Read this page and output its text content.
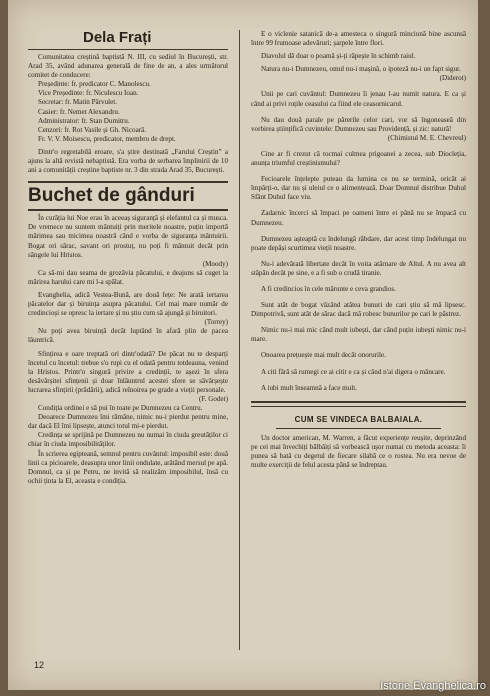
Dela Frați

Comunitatea creștină baptistă N. III, cu sediul în București, str. Arad 35, având adunarea generală de fine de an, a ales următorul comitet de conducere:

Președinte: fr. predicator C. Manolescu.

Vice Președinte: fr. Niculescu Ioan.

Secretar: fr. Matin Pârvulet.

Casier: fr. Nemet Alexandru.

Administrator: fr. Stan Dumitru.

Cenzori: fr. Rot Vasile și Gh. Nicoară.

Fr. V. V. Moisescu, predicator, membru de drept.

Dintr'o regretabilă eroare, s'a știre destinată „Farului Creștin” a ajuns la altă revistă nebaptistă. Era vorba de serbarea împlinirii de 10 ani a comunității creștine baptiste nr. 3 din strada Arad 35, București.

Buchet de gânduri

În curăția lui Noe erau în aceeaș siguranță și elefantul ca și musca. De vremece nu suntem mântuiți prin meritele noastre, puțin importă mărimea sau micimea noastră când e vorba de siguranța mântuirii. Bogat ori sărac, savant ori prostuț, nu poți fi mântuit decât prin sângele lui Hristos.

(Moody)

Ca să-mi dau seama de grozăvia păcatului, e deajuns să cuget la mărirea harului care mi l-a spălat.

Evanghelia, adică Vestea-Bună, are două fețe: Ne arată iertarea păcatelor dar și biruința asupra păcatului. Cel mai mare număr de credincioși se opresc la iertare și nu știu cum să ajungă și biruitori.

(Torrey)

Nu poți avea biruință decât luptând în afară plin de pacea lăuntrică.

Sfințirea e oare treptată ori dintr'odată? De păcat nu te desparți încetul cu încetul: trebue s'o rupi cu el odată pentru totdeauna, venind la Hristos. Printr'o singură privire a credinții, te așezi în sfera desăvârșitei sfințenii și doar înlăuntrul acestei sfere se săvârșește lucrarea sfințirii (prădării), adică reînoirea pe grade a vieții personale.

(F. Godet)

Condiția ordinei e să pui în toate pe Dumnezeu ca Centru.

Deoarece Dumnezeu îmi rămâne, nimic nu-i pierdut pentru mine, dar dacă El îmi lipsește, atunci totul mi-e pierdut.

Credința se sprijină pe Dumnezeu nu numai în ciuda greutăților ci chiar în ciuda imposibilităților.

În scrierea egipteană, semnul pentru cuvântul: imposibil este: două linii ca picioarele, deasupra unor linii ondulate, arătând mersul pe apă. Domnul, ca și pe Petru, ne invită să realizăm imposibilul, însă cu ochii ținta la El, aceasta e condiția.

E o viclenie satanică de-a amesteca o singură minciună bine ascunsă între 99 frumoase adevăruri; șarpele între flori.

Diavolul dă doar o poamă și-ți răpește în schimb raiul.

Natura nu-i Dumnezeu, omul nu-i mașină, o ipoteză nu-i un fapt sigur.

(Diderot)

Unii pe cari cuvântul: Dumnezeu îi jenau l-au numit natura. E ca și când ai privi roțile ceasului ca fiind ele ceasornicarul.

Nu dau două parale pe părerile celor cari, vor să îngoneaseă din vorbirea științifică cuvintele: Dumnezeu sau Providență, și zic: natură!

(Chimistul M. E. Chevreul)

Cine ar fi crezut că tocmai culmea prigoanei a zecea, sub Diocleția, anunța triumful creștinismului?

Fecioarele înțelepte puteau da lumina ce nu se termină, oricât ai împărți-o, dar nu și uleiul ce o alimentează. Doar Domnul distribue Duhul Sfânt Duhul face viu.

Zadarnic încerci să împaci pe oameni între ei până nu se împacă cu Dumnezeu.

Dumnezeu așteaptă cu îndelungă răbdare, dar acest timp îndelungat nu poate depăși scurtimea vieții noastre.

Nu-i adevărată libertate decât în voita atârnare de Altul. A nu avea alt stăpân decât pe sine, e a fi sub o crudă tiranie.

A fi credincios în cele mărunte e ceva grandios.

Sunt atât de bogat văzând atâtea bunuri de cari știu să mă lipsesc. Dimpotrivă, sunt atât de sărac dacă mă robesc bunurilor pe cari le păstrez.

Nimic nu-i mai mic când mult iubești, dar când puțin iubești nimic nu-i mare.

Onoarea prețuește mai mult decât onorurile.

A citi fără să rumegi ce ai citit e ca și când n'ai digera o mâncare.

A iubi mult înseamnă a face mult.

CUM SE VINDECA BALBAIALA.

Un doctor american, M. Warren, a făcut experiențe reușite, deprinzând pe cei mai învechiți bâlbâiți să vorbească ușor numai cu metoda aceasta: îi punea să bată cu degetul de fiecare silabă ce o rostea. Nu era nevoe de multe exerciții de felul acesta până se îndreptau.

12
Istorie Evanghelica.ro
